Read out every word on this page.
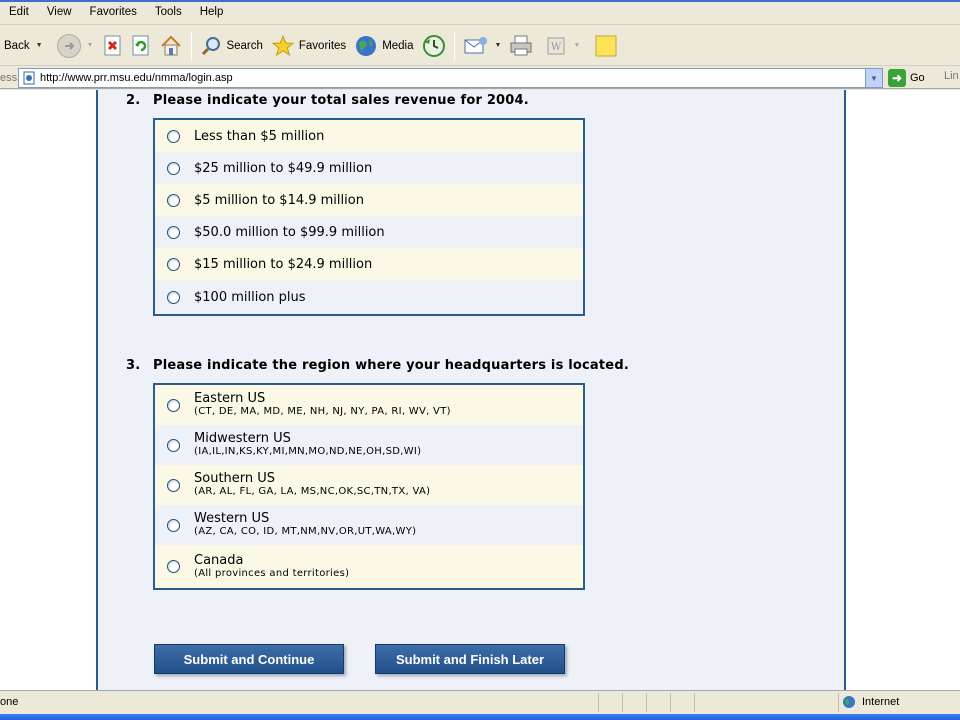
Edit	View	Favorites	Tools	Help
Back ▼	▼	Search	Favorites	Media	▼	W ▼
ess http://www.prr.msu.edu/nmma/login.asp	▼	➜ Go Lin
2. Please indicate your total sales revenue for 2004.
Less than $5 million
$25 million to $49.9 million
$5 million to $14.9 million
$50.0 million to $99.9 million
$15 million to $24.9 million
$100 million plus
3. Please indicate the region where your headquarters is located.
Eastern US
(CT, DE, MA, MD, ME, NH, NJ, NY, PA, RI, WV, VT)
Midwestern US
(IA,IL,IN,KS,KY,MI,MN,MO,ND,NE,OH,SD,WI)
Southern US
(AR, AL, FL, GA, LA, MS,NC,OK,SC,TN,TX, VA)
Western US
(AZ, CA, CO, ID, MT,NM,NV,OR,UT,WA,WY)
Canada
(All provinces and territories)
Submit and Continue	Submit and Finish Later
one	Internet
